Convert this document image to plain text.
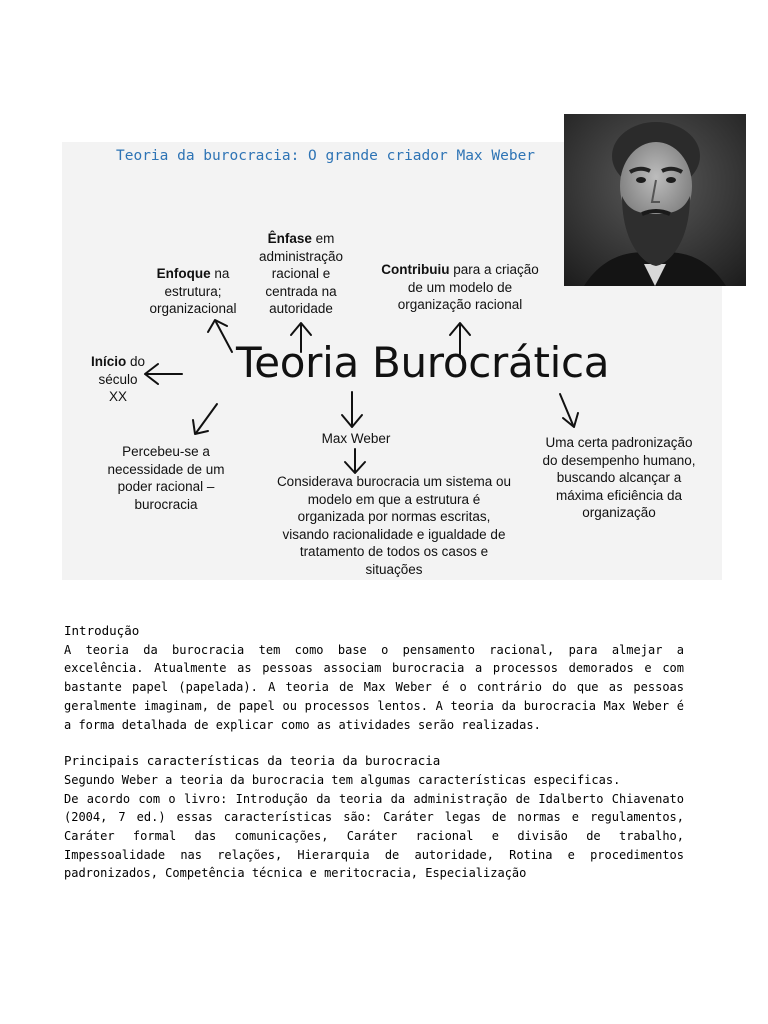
Teoria da burocracia: O grande criador Max Weber
Enfoque na
estrutura;
organizacional
Ênfase em
administração
racional e
centrada na
autoridade
Contribuiu para a criação
de um modelo de
organização racional
Início do
século
XX
Teoria Burocrática
Percebeu-se a
necessidade de um
poder racional –
burocracia
Max Weber
Considerava burocracia um sistema ou
modelo em que a estrutura é
organizada por normas escritas,
visando racionalidade e igualdade de
tratamento de todos os casos e
situações
Uma certa padronização
do desempenho humano,
buscando alcançar a
máxima eficiência da
organização
Introdução

A teoria da burocracia tem como base o pensamento racional, para almejar a excelência. Atualmente as pessoas associam burocracia a processos demorados e com bastante papel (papelada). A teoria de Max Weber é o contrário do que as pessoas geralmente imaginam, de papel ou processos lentos. A teoria da burocracia Max Weber é a forma detalhada de explicar como as atividades serão realizadas.

Principais características da teoria da burocracia

Segundo Weber a teoria da burocracia tem algumas características especificas.

De acordo com o livro: Introdução da teoria da administração de Idalberto Chiavenato (2004, 7 ed.) essas características são: Caráter legas de normas e regulamentos, Caráter formal das comunicações, Caráter racional e divisão de trabalho, Impessoalidade nas relações, Hierarquia de autoridade, Rotina e procedimentos padronizados, Competência técnica e meritocracia, Especialização
